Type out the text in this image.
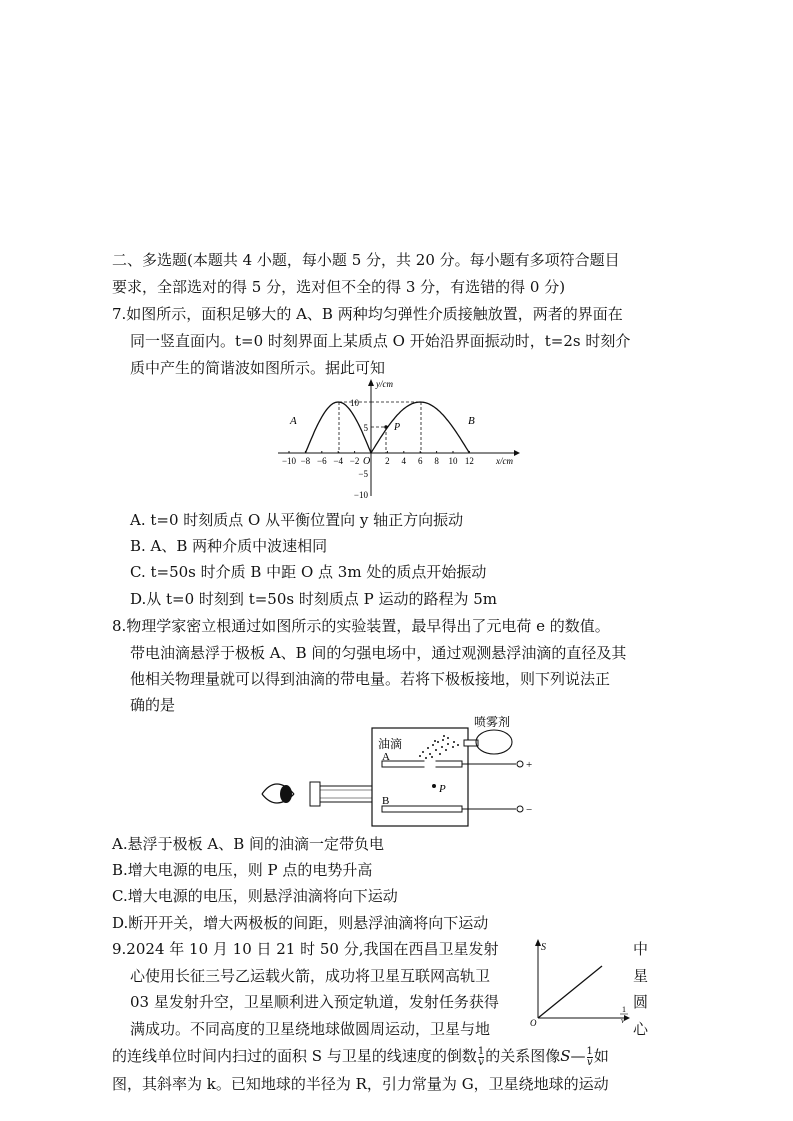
二、多选题(本题共 4 小题，每小题 5 分，共 20 分。每小题有多项符合题目
要求，全部选对的得 5 分，选对但不全的得 3 分，有选错的得 0 分)
7.如图所示，面积足够大的 A、B 两种均匀弹性介质接触放置，两者的界面在
同一竖直面内。t=0 时刻界面上某质点 O 开始沿界面振动时，t=2s 时刻介
质中产生的简谐波如图所示。据此可知
y/cm
x/cm
O
A	B
P
10
5
−5
−10
−10 −8 −6 −4 −2	2 4 6 8 10 12
A. t=0 时刻质点 O 从平衡位置向 y 轴正方向振动
B. A、B 两种介质中波速相同
C. t=50s 时介质 B 中距 O 点 3m 处的质点开始振动
D.从 t=0 时刻到 t=50s 时刻质点 P 运动的路程为 5m
8.物理学家密立根通过如图所示的实验装置，最早得出了元电荷 e 的数值。
带电油滴悬浮于极板 A、B 间的匀强电场中，通过观测悬浮油滴的直径及其
他相关物理量就可以得到油滴的带电量。若将下极板接地，则下列说法正
确的是
喷雾剂
油滴
A
B
P
+
−
A.悬浮于极板 A、B 间的油滴一定带负电
B.增大电源的电压，则 P 点的电势升高
C.增大电源的电压，则悬浮油滴将向下运动
D.断开开关，增大两极板的间距，则悬浮油滴将向下运动
9.2024 年 10 月 10 日 21 时 50 分,我国在西昌卫星发射
心使用长征三号乙运载火箭，成功将卫星互联网高轨卫
03 星发射升空，卫星顺利进入预定轨道，发射任务获得
满成功。不同高度的卫星绕地球做圆周运动，卫星与地
中
星
圆
心
S
O
1
v
的连线单位时间内扫过的面积 S 与卫星的线速度的倒数 $\frac{1}{v}$ 的关系图像S— $\frac{1}{v}$ 如
图，其斜率为 k。已知地球的半径为 R，引力常量为 G，卫星绕地球的运动
